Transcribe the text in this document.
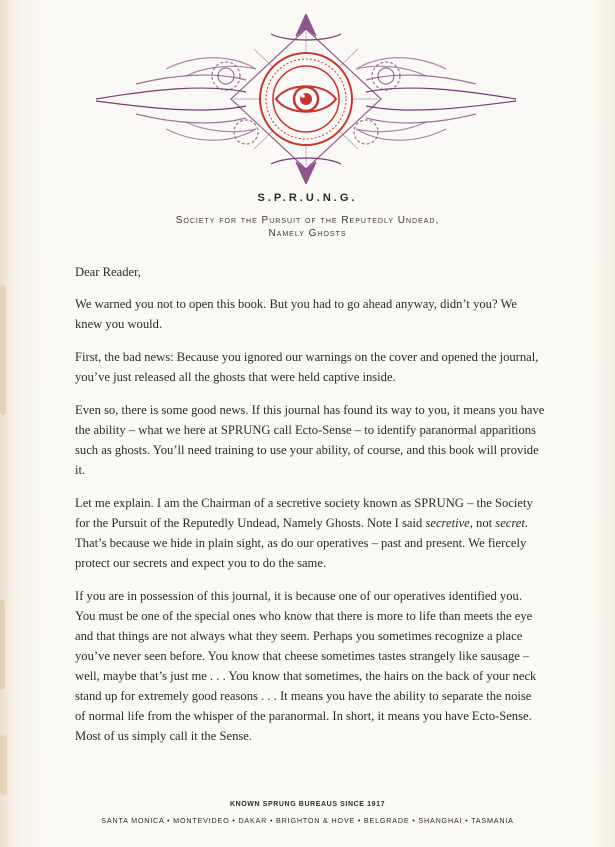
S.P.R.U.N.G.
Society for the Pursuit of the Reputedly Undead,
Namely Ghosts

Dear Reader,

We warned you not to open this book. But you had to go ahead anyway, didn’t you? We knew you would.

First, the bad news: Because you ignored our warnings on the cover and opened the journal, you’ve just released all the ghosts that were held captive inside.

Even so, there is some good news. If this journal has found its way to you, it means you have the ability – what we here at SPRUNG call Ecto-Sense – to identify paranormal apparitions such as ghosts. You’ll need training to use your ability, of course, and this book will provide it.

Let me explain. I am the Chairman of a secretive society known as SPRUNG – the Society for the Pursuit of the Reputedly Undead, Namely Ghosts. Note I said secretive, not secret. That’s because we hide in plain sight, as do our operatives – past and present. We fiercely protect our secrets and expect you to do the same.

If you are in possession of this journal, it is because one of our operatives identified you. You must be one of the special ones who know that there is more to life than meets the eye and that things are not always what they seem. Perhaps you sometimes recognize a place you’ve never seen before. You know that cheese sometimes tastes strangely like sausage – well, maybe that’s just me . . . You know that sometimes, the hairs on the back of your neck stand up for extremely good reasons . . . It means you have the ability to separate the noise of normal life from the whisper of the paranormal. In short, it means you have Ecto-Sense. Most of us simply call it the Sense.

KNOWN SPRUNG BUREAUS SINCE 1917
SANTA MONICA • MONTEVIDEO • DAKAR • BRIGHTON & HOVE • BELGRADE • SHANGHAI • TASMANIA
